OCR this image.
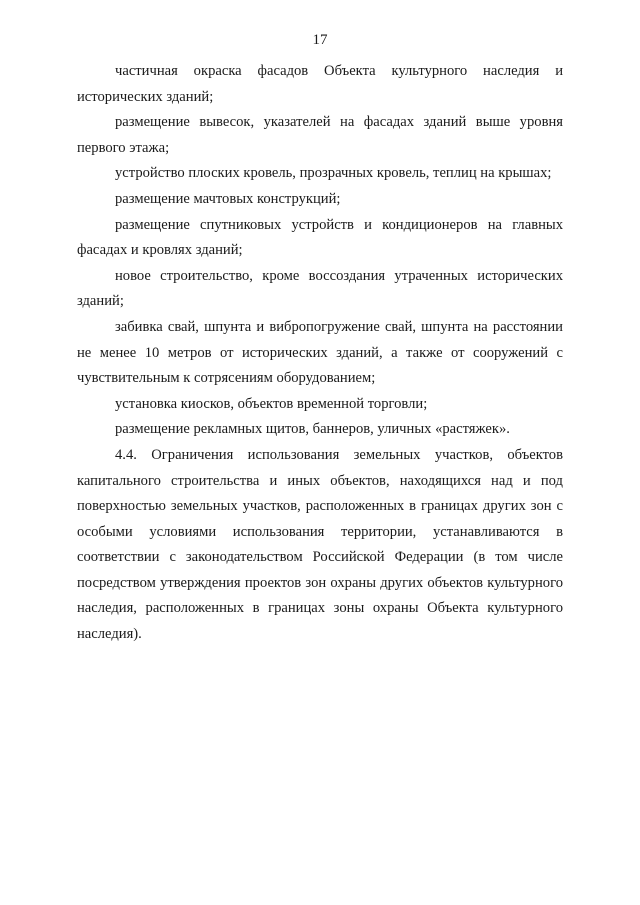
17

частичная окраска фасадов Объекта культурного наследия и исторических зданий;

размещение вывесок, указателей на фасадах зданий выше уровня первого этажа;

устройство плоских кровель, прозрачных кровель, теплиц на крышах;

размещение мачтовых конструкций;

размещение спутниковых устройств и кондиционеров на главных фасадах и кровлях зданий;

новое строительство, кроме воссоздания утраченных исторических зданий;

забивка свай, шпунта и вибропогружение свай, шпунта на расстоянии не менее 10 метров от исторических зданий, а также от сооружений с чувствительным к сотрясениям оборудованием;

установка киосков, объектов временной торговли;

размещение рекламных щитов, баннеров, уличных «растяжек».

4.4. Ограничения использования земельных участков, объектов капитального строительства и иных объектов, находящихся над и под поверхностью земельных участков, расположенных в границах других зон с особыми условиями использования территории, устанавливаются в соответствии с законодательством Российской Федерации (в том числе посредством утверждения проектов зон охраны других объектов культурного наследия, расположенных в границах зоны охраны Объекта культурного наследия).
